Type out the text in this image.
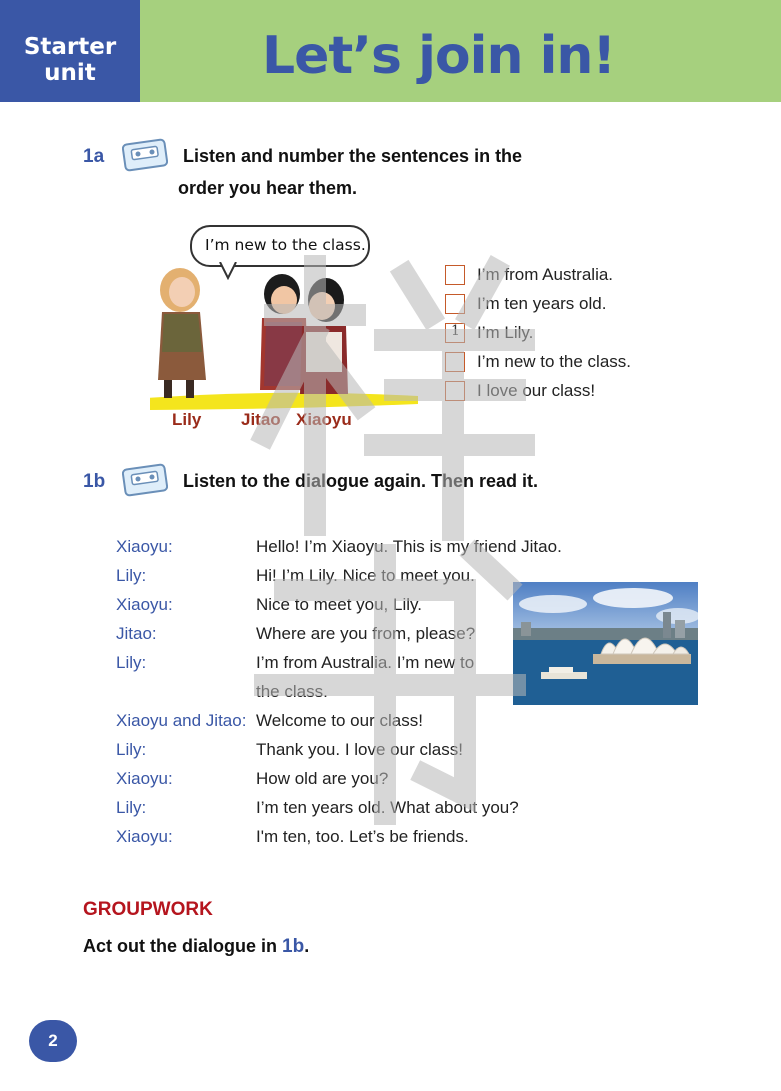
Starter
unit	Let’s join in!
1a	Listen and number the sentences in the
order you hear them.
I’m new to the class.
Lily Jitao Xiaoyu
I’m from Australia.
I’m ten years old.
1 I’m Lily.
I’m new to the class.
I love our class!
1b	Listen to the dialogue again. Then read it.
Xiaoyu:	Hello! I’m Xiaoyu. This is my friend Jitao.
Lily:	Hi! I’m Lily. Nice to meet you.
Xiaoyu:	Nice to meet you, Lily.
Jitao:	Where are you from, please?
Lily:	I’m from Australia. I’m new to
the class.
Xiaoyu and Jitao: Welcome to our class!
Lily:	Thank you. I love our class!
Xiaoyu:	How old are you?
Lily:	I’m ten years old. What about you?
Xiaoyu:	I'm ten, too. Let’s be friends.
GROUPWORK
Act out the dialogue in 1b.
2
